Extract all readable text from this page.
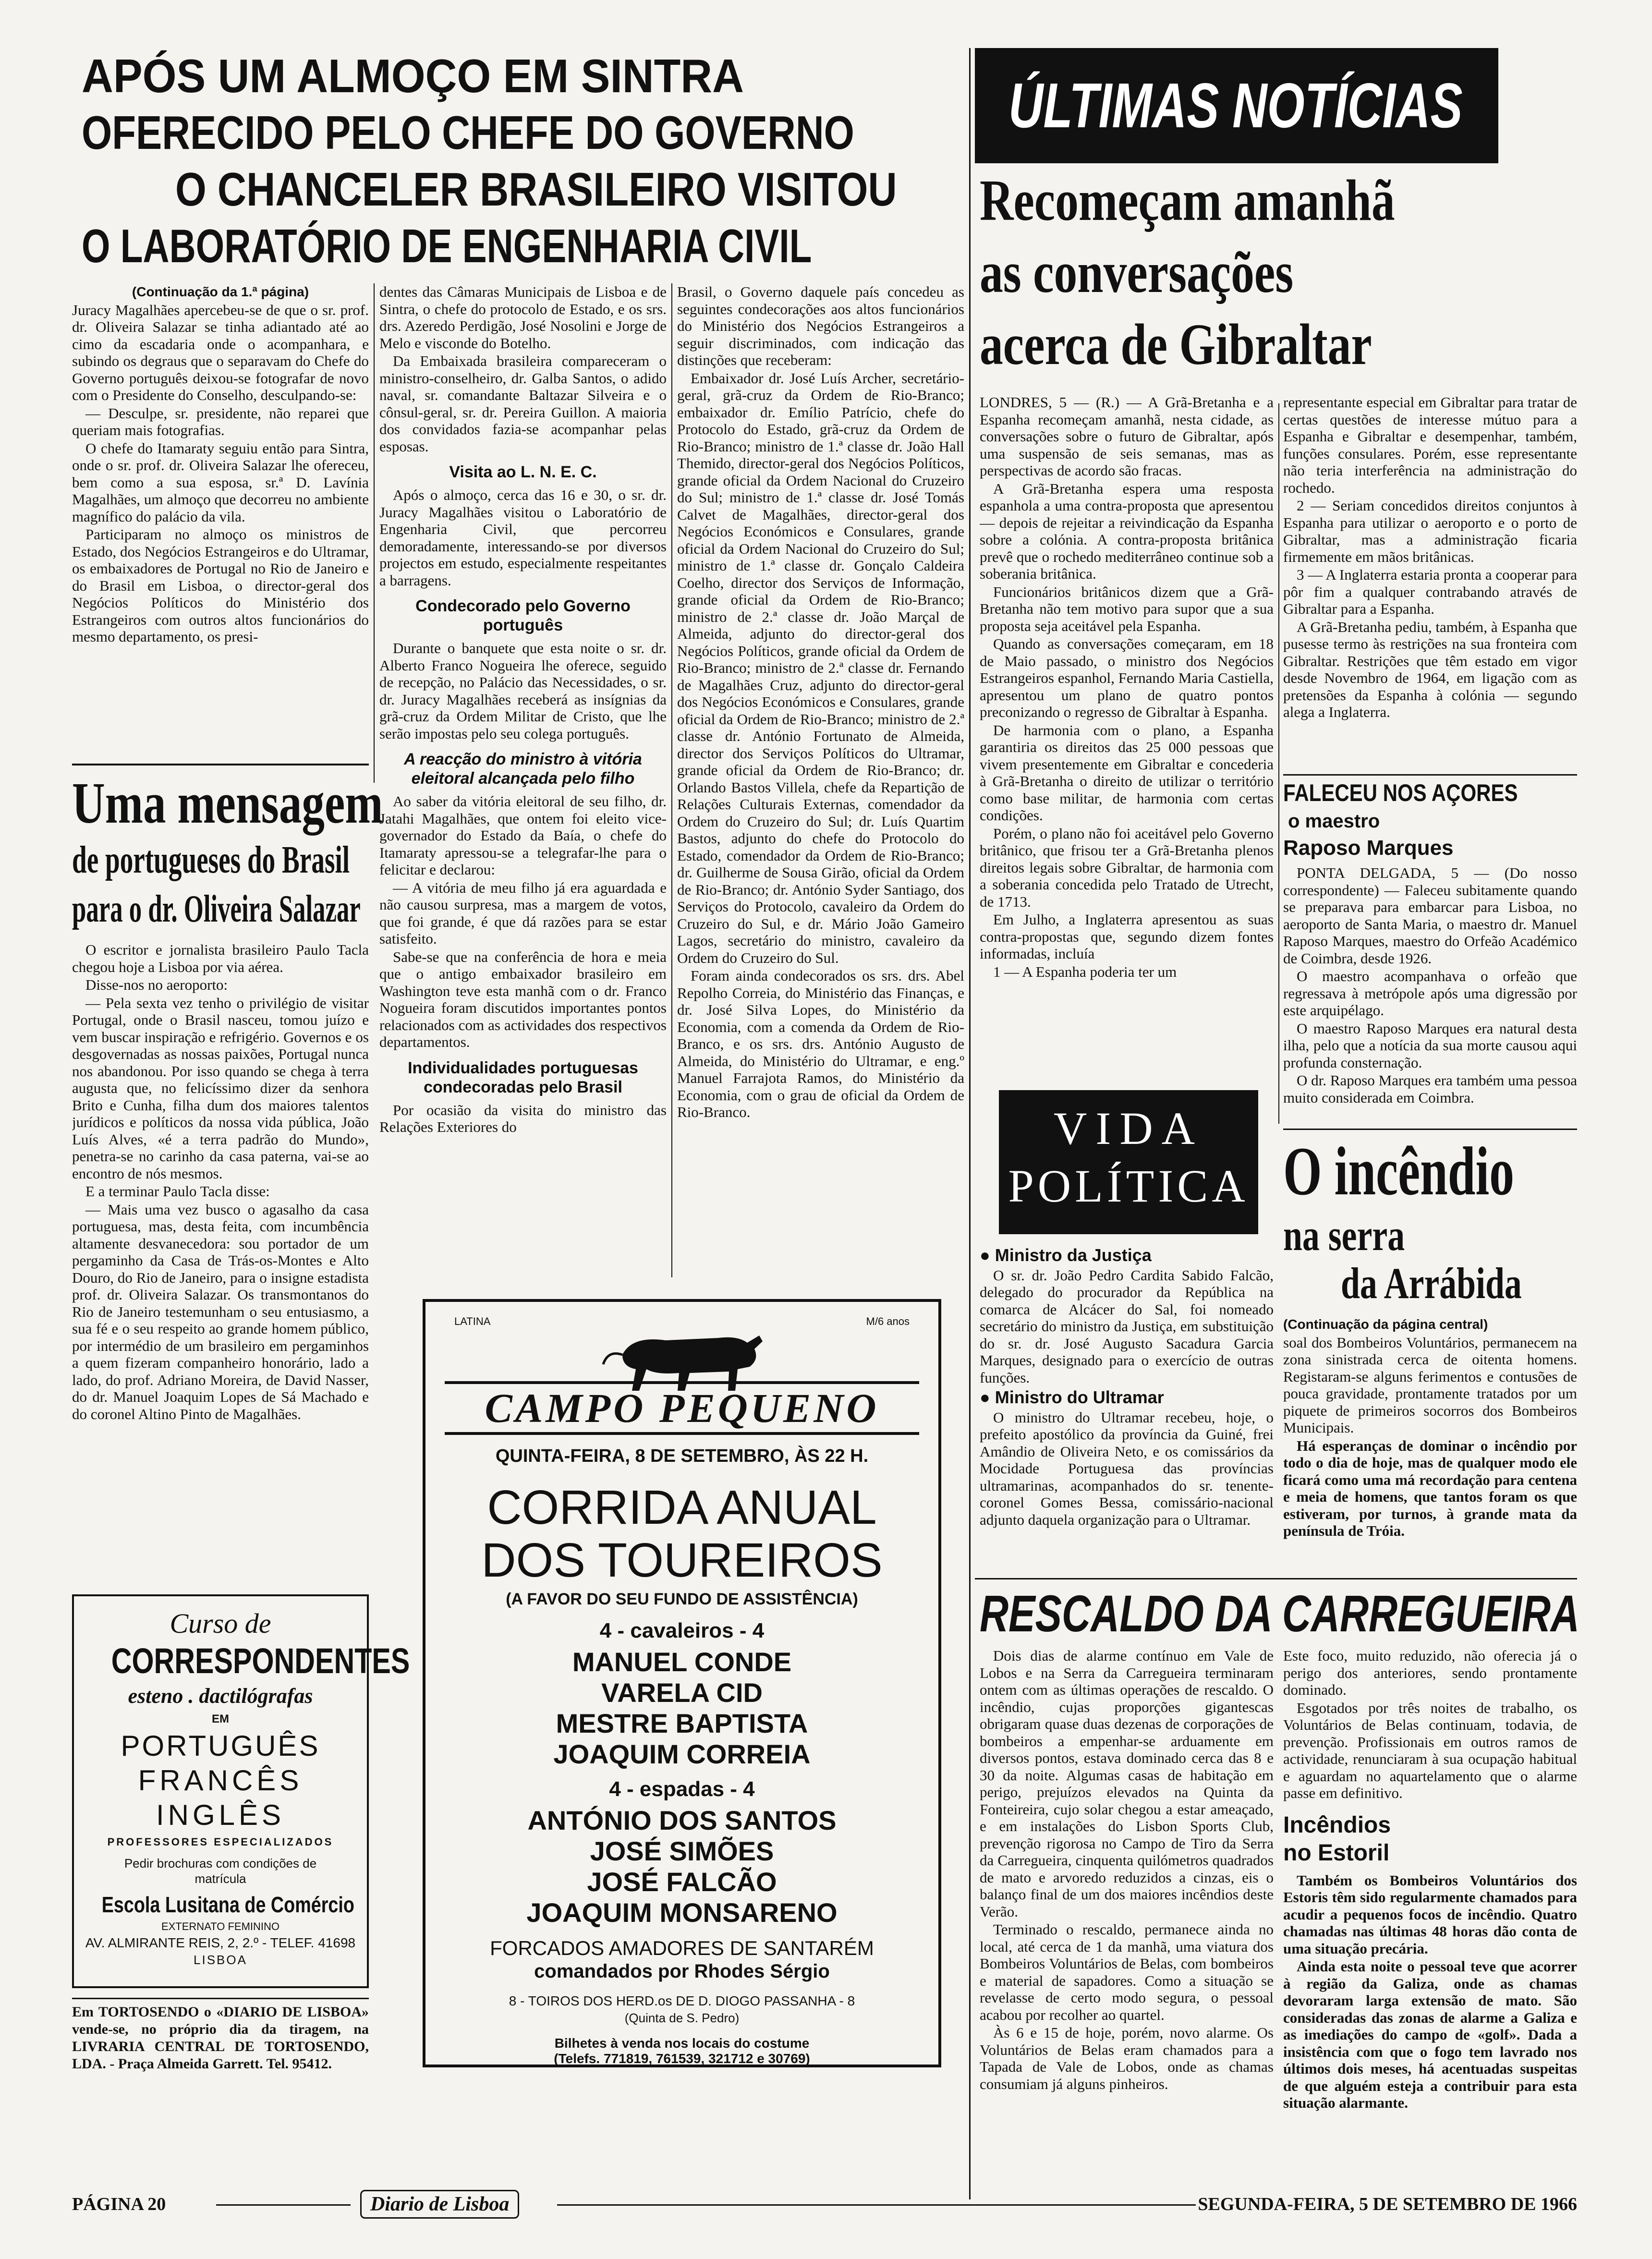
APÓS UM ALMOÇO EM SINTRA
OFERECIDO PELO CHEFE DO GOVERNO
O CHANCELER BRASILEIRO VISITOU
O LABORATÓRIO DE ENGENHARIA CIVIL

(Continuação da 1.ª página)

Juracy Magalhães apercebeu-se de que o sr. prof. dr. Oliveira Salazar se tinha adiantado até ao cimo da escadaria onde o acompanhara, e subindo os degraus que o separavam do Chefe do Governo português deixou-se fotografar de novo com o Presidente do Conselho, desculpando-se:

— Desculpe, sr. presidente, não reparei que queriam mais fotografias.

O chefe do Itamaraty seguiu então para Sintra, onde o sr. prof. dr. Oliveira Salazar lhe ofereceu, bem como a sua esposa, sr.ª D. Lavínia Magalhães, um almoço que decorreu no ambiente magnífico do palácio da vila.

Participaram no almoço os ministros de Estado, dos Negócios Estrangeiros e do Ultramar, os embaixadores de Portugal no Rio de Janeiro e do Brasil em Lisboa, o director-geral dos Negócios Políticos do Ministério dos Estrangeiros com outros altos funcionários do mesmo departamento, os presi-

dentes das Câmaras Municipais de Lisboa e de Sintra, o chefe do protocolo de Estado, e os srs. drs. Azeredo Perdigão, José Nosolini e Jorge de Melo e visconde do Botelho.

Da Embaixada brasileira compareceram o ministro-conselheiro, dr. Galba Santos, o adido naval, sr. comandante Baltazar Silveira e o cônsul-geral, sr. dr. Pereira Guillon. A maioria dos convidados fazia-se acompanhar pelas esposas.

Visita ao L. N. E. C.

Após o almoço, cerca das 16 e 30, o sr. dr. Juracy Magalhães visitou o Laboratório de Engenharia Civil, que percorreu demoradamente, interessando-se por diversos projectos em estudo, especialmente respeitantes a barragens.

Condecorado pelo Governo português

Durante o banquete que esta noite o sr. dr. Alberto Franco Nogueira lhe oferece, seguido de recepção, no Palácio das Necessidades, o sr. dr. Juracy Magalhães receberá as insígnias da grã-cruz da Ordem Militar de Cristo, que lhe serão impostas pelo seu colega português.

A reacção do ministro à vitória eleitoral alcançada pelo filho

Ao saber da vitória eleitoral de seu filho, dr. Jatahi Magalhães, que ontem foi eleito vice-governador do Estado da Baía, o chefe do Itamaraty apressou-se a telegrafar-lhe para o felicitar e declarou:

— A vitória de meu filho já era aguardada e não causou surpresa, mas a margem de votos, que foi grande, é que dá razões para se estar satisfeito.

Sabe-se que na conferência de hora e meia que o antigo embaixador brasileiro em Washington teve esta manhã com o dr. Franco Nogueira foram discutidos importantes pontos relacionados com as actividades dos respectivos departamentos.

Individualidades portuguesas condecoradas pelo Brasil

Por ocasião da visita do ministro das Relações Exteriores do

Brasil, o Governo daquele país concedeu as seguintes condecorações aos altos funcionários do Ministério dos Negócios Estrangeiros a seguir discriminados, com indicação das distinções que receberam:

Embaixador dr. José Luís Archer, secretário-geral, grã-cruz da Ordem de Rio-Branco; embaixador dr. Emílio Patrício, chefe do Protocolo do Estado, grã-cruz da Ordem de Rio-Branco; ministro de 1.ª classe dr. João Hall Themido, director-geral dos Negócios Políticos, grande oficial da Ordem Nacional do Cruzeiro do Sul; ministro de 1.ª classe dr. José Tomás Calvet de Magalhães, director-geral dos Negócios Económicos e Consulares, grande oficial da Ordem Nacional do Cruzeiro do Sul; ministro de 1.ª classe dr. Gonçalo Caldeira Coelho, director dos Serviços de Informação, grande oficial da Ordem de Rio-Branco; ministro de 2.ª classe dr. João Marçal de Almeida, adjunto do director-geral dos Negócios Políticos, grande oficial da Ordem de Rio-Branco; ministro de 2.ª classe dr. Fernando de Magalhães Cruz, adjunto do director-geral dos Negócios Económicos e Consulares, grande oficial da Ordem de Rio-Branco; ministro de 2.ª classe dr. António Fortunato de Almeida, director dos Serviços Políticos do Ultramar, grande oficial da Ordem de Rio-Branco; dr. Orlando Bastos Villela, chefe da Repartição de Relações Culturais Externas, comendador da Ordem do Cruzeiro do Sul; dr. Luís Quartim Bastos, adjunto do chefe do Protocolo do Estado, comendador da Ordem de Rio-Branco; dr. Guilherme de Sousa Girão, oficial da Ordem de Rio-Branco; dr. António Syder Santiago, dos Serviços do Protocolo, cavaleiro da Ordem do Cruzeiro do Sul, e dr. Mário João Gameiro Lagos, secretário do ministro, cavaleiro da Ordem do Cruzeiro do Sul.

Foram ainda condecorados os srs. drs. Abel Repolho Correia, do Ministério das Finanças, e dr. José Silva Lopes, do Ministério da Economia, com a comenda da Ordem de Rio-Branco, e os srs. drs. António Augusto de Almeida, do Ministério do Ultramar, e eng.º Manuel Farrajota Ramos, do Ministério da Economia, com o grau de oficial da Ordem de Rio-Branco.

Uma mensagem
de portugueses do Brasil
para o dr. Oliveira Salazar

O escritor e jornalista brasileiro Paulo Tacla chegou hoje a Lisboa por via aérea.

Disse-nos no aeroporto:

— Pela sexta vez tenho o privilégio de visitar Portugal, onde o Brasil nasceu, tomou juízo e vem buscar inspiração e refrigério. Governos e os desgovernadas as nossas paixões, Portugal nunca nos abandonou. Por isso quando se chega à terra augusta que, no felicíssimo dizer da senhora Brito e Cunha, filha dum dos maiores talentos jurídicos e políticos da nossa vida pública, João Luís Alves, «é a terra padrão do Mundo», penetra-se no carinho da casa paterna, vai-se ao encontro de nós mesmos.

E a terminar Paulo Tacla disse:

— Mais uma vez busco o agasalho da casa portuguesa, mas, desta feita, com incumbência altamente desvanecedora: sou portador de um pergaminho da Casa de Trás-os-Montes e Alto Douro, do Rio de Janeiro, para o insigne estadista prof. dr. Oliveira Salazar. Os transmontanos do Rio de Janeiro testemunham o seu entusiasmo, a sua fé e o seu respeito ao grande homem público, por intermédio de um brasileiro em pergaminhos a quem fizeram companheiro honorário, lado a lado, do prof. Adriano Moreira, de David Nasser, do dr. Manuel Joaquim Lopes de Sá Machado e do coronel Altino Pinto de Magalhães.

Curso de
CORRESPONDENTES
esteno . dactilógrafas
EM
PORTUGUÊS
FRANCÊS
INGLÊS
PROFESSORES ESPECIALIZADOS
Pedir brochuras com condições de matrícula
Escola Lusitana de Comércio
EXTERNATO FEMININO
AV. ALMIRANTE REIS, 2, 2.º - TELEF. 41698
LISBOA

Em TORTOSENDO o «DIARIO DE LISBOA» vende-se, no próprio dia da tiragem, na LIVRARIA CENTRAL DE TORTOSENDO, LDA. - Praça Almeida Garrett. Tel. 95412.

LATINA	M/6 anos
CAMPO PEQUENO
QUINTA-FEIRA, 8 DE SETEMBRO, ÀS 22 H.
CORRIDA ANUAL
DOS TOUREIROS
(A FAVOR DO SEU FUNDO DE ASSISTÊNCIA)
4 - cavaleiros - 4
MANUEL CONDE
VARELA CID
MESTRE BAPTISTA
JOAQUIM CORREIA
4 - espadas - 4
ANTÓNIO DOS SANTOS
JOSÉ SIMÕES
JOSÉ FALCÃO
JOAQUIM MONSARENO
FORCADOS AMADORES DE SANTARÉM
comandados por Rhodes Sérgio
8 - TOIROS DOS HERD.os DE D. DIOGO PASSANHA - 8
(Quinta de S. Pedro)
Bilhetes à venda nos locais do costume
(Telefs. 771819, 761539, 321712 e 30769)
ÚLTIMAS NOTÍCIAS
Recomeçam amanhã
as conversações
acerca de Gibraltar

LONDRES, 5 — (R.) — A Grã-Bretanha e a Espanha recomeçam amanhã, nesta cidade, as conversações sobre o futuro de Gibraltar, após uma suspensão de seis semanas, mas as perspectivas de acordo são fracas.

A Grã-Bretanha espera uma resposta espanhola a uma contra-proposta que apresentou — depois de rejeitar a reivindicação da Espanha sobre a colónia. A contra-proposta britânica prevê que o rochedo mediterrâneo continue sob a soberania britânica.

Funcionários britânicos dizem que a Grã-Bretanha não tem motivo para supor que a sua proposta seja aceitável pela Espanha.

Quando as conversações começaram, em 18 de Maio passado, o ministro dos Negócios Estrangeiros espanhol, Fernando Maria Castiella, apresentou um plano de quatro pontos preconizando o regresso de Gibraltar à Espanha.

De harmonia com o plano, a Espanha garantiria os direitos das 25 000 pessoas que vivem presentemente em Gibraltar e concederia à Grã-Bretanha o direito de utilizar o território como base militar, de harmonia com certas condições.

Porém, o plano não foi aceitável pelo Governo britânico, que frisou ter a Grã-Bretanha plenos direitos legais sobre Gibraltar, de harmonia com a soberania concedida pelo Tratado de Utrecht, de 1713.

Em Julho, a Inglaterra apresentou as suas contra-propostas que, segundo dizem fontes informadas, incluía

1 — A Espanha poderia ter um

representante especial em Gibraltar para tratar de certas questões de interesse mútuo para a Espanha e Gibraltar e desempenhar, também, funções consulares. Porém, esse representante não teria interferência na administração do rochedo.

2 — Seriam concedidos direitos conjuntos à Espanha para utilizar o aeroporto e o porto de Gibraltar, mas a administração ficaria firmemente em mãos britânicas.

3 — A Inglaterra estaria pronta a cooperar para pôr fim a qualquer contrabando através de Gibraltar para a Espanha.

A Grã-Bretanha pediu, também, à Espanha que pusesse termo às restrições na sua fronteira com Gibraltar. Restrições que têm estado em vigor desde Novembro de 1964, em ligação com as pretensões da Espanha à colónia — segundo alega a Inglaterra.

FALECEU NOS AÇORES
o maestro
Raposo Marques

PONTA DELGADA, 5 — (Do nosso correspondente) — Faleceu subitamente quando se preparava para embarcar para Lisboa, no aeroporto de Santa Maria, o maestro dr. Manuel Raposo Marques, maestro do Orfeão Académico de Coimbra, desde 1926.

O maestro acompanhava o orfeão que regressava à metrópole após uma digressão por este arquipélago.

O maestro Raposo Marques era natural desta ilha, pelo que a notícia da sua morte causou aqui profunda consternação.

O dr. Raposo Marques era também uma pessoa muito considerada em Coimbra.

VIDA
POLÍTICA
● Ministro da Justiça

O sr. dr. João Pedro Cardita Sabido Falcão, delegado do procurador da República na comarca de Alcácer do Sal, foi nomeado secretário do ministro da Justiça, em substituição do sr. dr. José Augusto Sacadura Garcia Marques, designado para o exercício de outras funções.

● Ministro do Ultramar

O ministro do Ultramar recebeu, hoje, o prefeito apostólico da província da Guiné, frei Amândio de Oliveira Neto, e os comissários da Mocidade Portuguesa das províncias ultramarinas, acompanhados do sr. tenente-coronel Gomes Bessa, comissário-nacional adjunto daquela organização para o Ultramar.

O incêndio
na serra
da Arrábida

(Continuação da página central)

soal dos Bombeiros Voluntários, permanecem na zona sinistrada cerca de oitenta homens. Registaram-se alguns ferimentos e contusões de pouca gravidade, prontamente tratados por um piquete de primeiros socorros dos Bombeiros Municipais.

Há esperanças de dominar o incêndio por todo o dia de hoje, mas de qualquer modo ele ficará como uma má recordação para centena e meia de homens, que tantos foram os que estiveram, por turnos, à grande mata da península de Tróia.

RESCALDO DA CARREGUEIRA

Dois dias de alarme contínuo em Vale de Lobos e na Serra da Carregueira terminaram ontem com as últimas operações de rescaldo. O incêndio, cujas proporções gigantescas obrigaram quase duas dezenas de corporações de bombeiros a empenhar-se arduamente em diversos pontos, estava dominado cerca das 8 e 30 da noite. Algumas casas de habitação em perigo, prejuízos elevados na Quinta da Fonteireira, cujo solar chegou a estar ameaçado, e em instalações do Lisbon Sports Club, prevenção rigorosa no Campo de Tiro da Serra da Carregueira, cinquenta quilómetros quadrados de mato e arvoredo reduzidos a cinzas, eis o balanço final de um dos maiores incêndios deste Verão.

Terminado o rescaldo, permanece ainda no local, até cerca de 1 da manhã, uma viatura dos Bombeiros Voluntários de Belas, com bombeiros e material de sapadores. Como a situação se revelasse de certo modo segura, o pessoal acabou por recolher ao quartel.

Às 6 e 15 de hoje, porém, novo alarme. Os Voluntários de Belas eram chamados para a Tapada de Vale de Lobos, onde as chamas consumiam já alguns pinheiros.

Este foco, muito reduzido, não oferecia já o perigo dos anteriores, sendo prontamente dominado.

Esgotados por três noites de trabalho, os Voluntários de Belas continuam, todavia, de prevenção. Profissionais em outros ramos de actividade, renunciaram à sua ocupação habitual e aguardam no aquartelamento que o alarme passe em definitivo.

Incêndios
no Estoril

Também os Bombeiros Voluntários dos Estoris têm sido regularmente chamados para acudir a pequenos focos de incêndio. Quatro chamadas nas últimas 48 horas dão conta de uma situação precária.

Ainda esta noite o pessoal teve que acorrer à região da Galiza, onde as chamas devoraram larga extensão de mato. São consideradas das zonas de alarme a Galiza e as imediações do campo de «golf». Dada a insistência com que o fogo tem lavrado nos últimos dois meses, há acentuadas suspeitas de que alguém esteja a contribuir para esta situação alarmante.

PÁGINA 20	Diario de Lisboa	SEGUNDA-FEIRA, 5 DE SETEMBRO DE 1966
